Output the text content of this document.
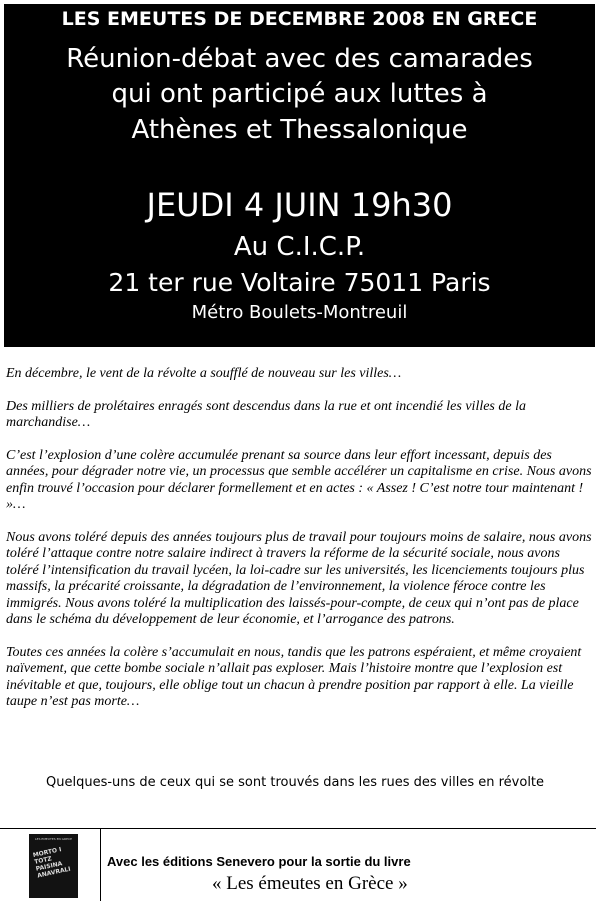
LES EMEUTES DE DECEMBRE 2008 EN GRECE
Réunion-débat avec des camarades
qui ont participé aux luttes à
Athènes et Thessalonique
JEUDI 4 JUIN 19h30
Au C.I.C.P.
21 ter rue Voltaire 75011 Paris
Métro Boulets-Montreuil

En décembre, le vent de la révolte a soufflé de nouveau sur les villes…

Des milliers de prolétaires enragés sont descendus dans la rue et ont incendié les villes de la marchandise…

C’est l’explosion d’une colère accumulée prenant sa source dans leur effort incessant, depuis des années, pour dégrader notre vie, un processus que semble accélérer un capitalisme en crise. Nous avons enfin trouvé l’occasion pour déclarer formellement et en actes : « Assez ! C’est notre tour maintenant ! »…

Nous avons toléré depuis des années toujours plus de travail pour toujours moins de salaire, nous avons toléré l’attaque contre notre salaire indirect à travers la réforme de la sécurité sociale, nous avons toléré l’intensification du travail lycéen, la loi-cadre sur les universités, les licenciements toujours plus massifs, la précarité croissante, la dégradation de l’environnement, la violence féroce contre les immigrés. Nous avons toléré la multiplication des laissés-pour-compte, de ceux qui n’ont pas de place dans le schéma du développement de leur économie, et l’arrogance des patrons.

Toutes ces années la colère s’accumulait en nous, tandis que les patrons espéraient, et même croyaient naïvement, que cette bombe sociale n’allait pas exploser. Mais l’histoire montre que l’explosion est inévitable et que, toujours, elle oblige tout un chacun à prendre position par rapport à elle. La vieille taupe n’est pas morte…

Quelques-uns de ceux qui se sont trouvés dans les rues des villes en révolte
LES EMEUTES EN GRECE
MORTO I TOTZ PAISINA ANAVRALI
Avec les éditions Senevero pour la sortie du livre
« Les émeutes en Grèce »
